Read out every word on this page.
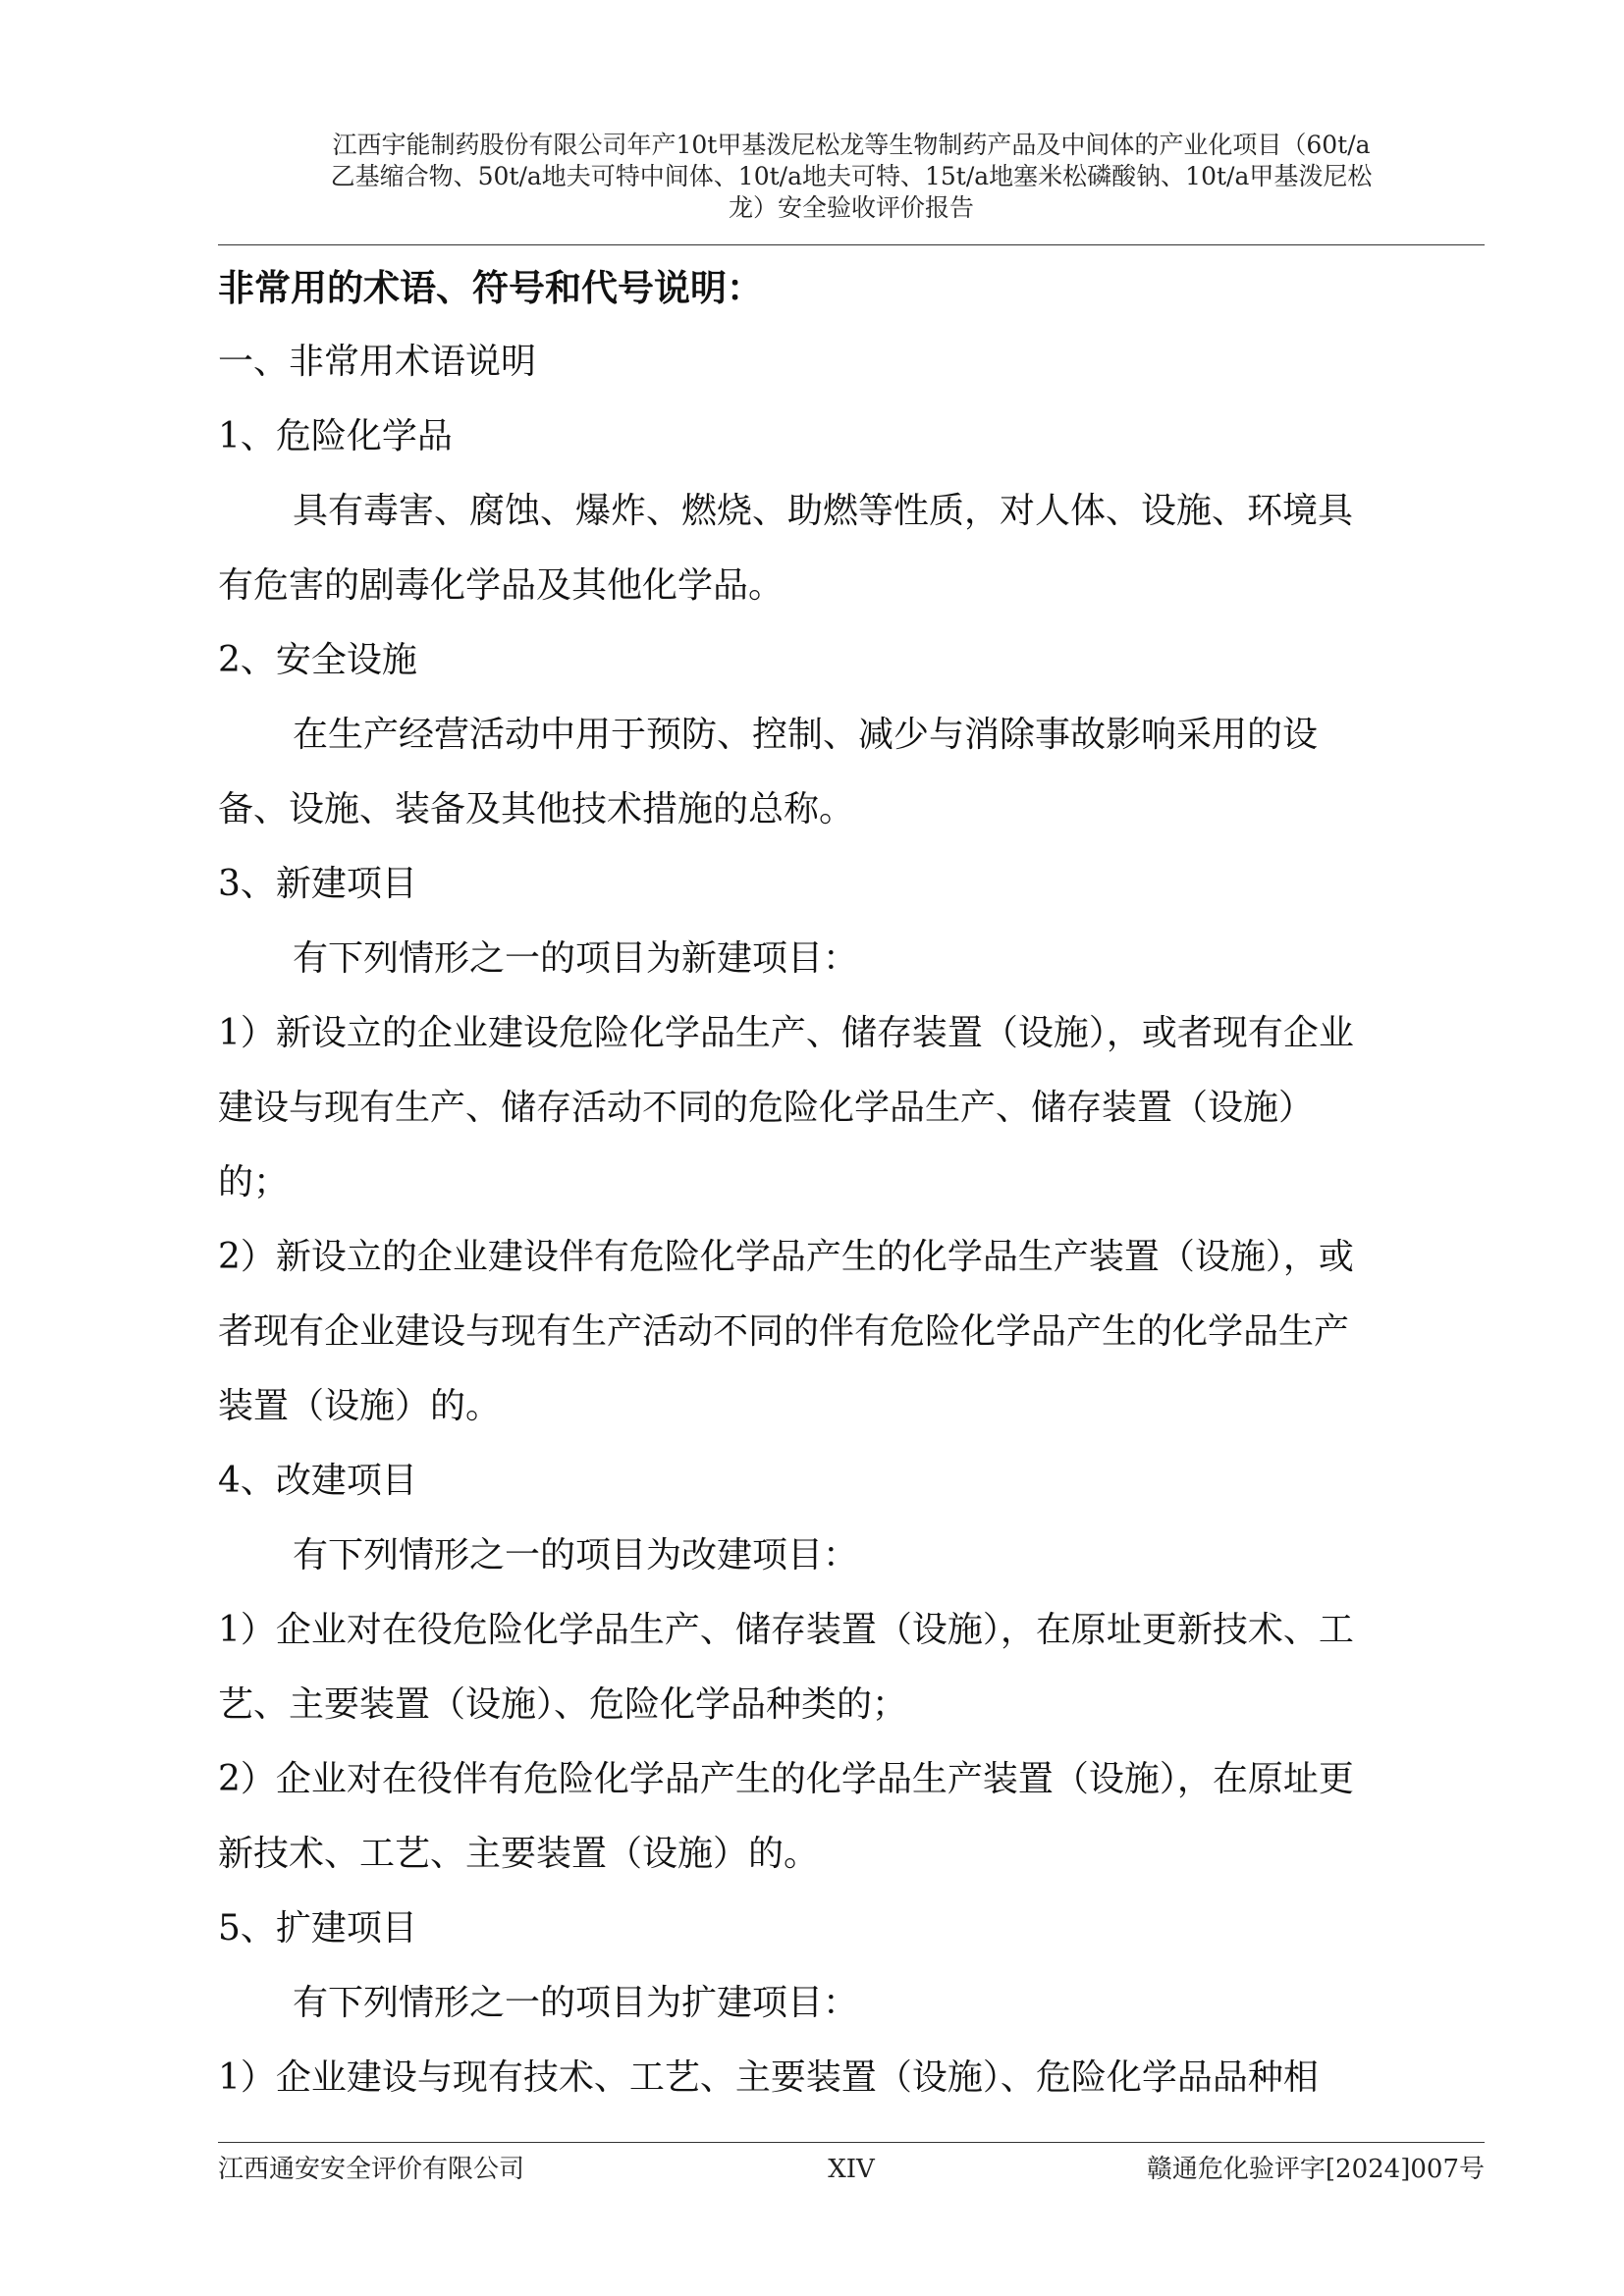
江西宇能制药股份有限公司年产10t甲基泼尼松龙等生物制药产品及中间体的产业化项目（60t/a
乙基缩合物、50t/a地夫可特中间体、10t/a地夫可特、15t/a地塞米松磷酸钠、10t/a甲基泼尼松
龙）安全验收评价报告
非常用的术语、符号和代号说明：
一、非常用术语说明
1、危险化学品
具有毒害、腐蚀、爆炸、燃烧、助燃等性质，对人体、设施、环境具
有危害的剧毒化学品及其他化学品。
2、安全设施
在生产经营活动中用于预防、控制、减少与消除事故影响采用的设
备、设施、装备及其他技术措施的总称。
3、新建项目
有下列情形之一的项目为新建项目：
1）新设立的企业建设危险化学品生产、储存装置（设施），或者现有企业
建设与现有生产、储存活动不同的危险化学品生产、储存装置（设施）
的；
2）新设立的企业建设伴有危险化学品产生的化学品生产装置（设施），或
者现有企业建设与现有生产活动不同的伴有危险化学品产生的化学品生产
装置（设施）的。
4、改建项目
有下列情形之一的项目为改建项目：
1）企业对在役危险化学品生产、储存装置（设施），在原址更新技术、工
艺、主要装置（设施）、危险化学品种类的；
2）企业对在役伴有危险化学品产生的化学品生产装置（设施），在原址更
新技术、工艺、主要装置（设施）的。
5、扩建项目
有下列情形之一的项目为扩建项目：
1）企业建设与现有技术、工艺、主要装置（设施）、危险化学品品种相
江西通安安全评价有限公司	XIV	赣通危化验评字[2024]007号
